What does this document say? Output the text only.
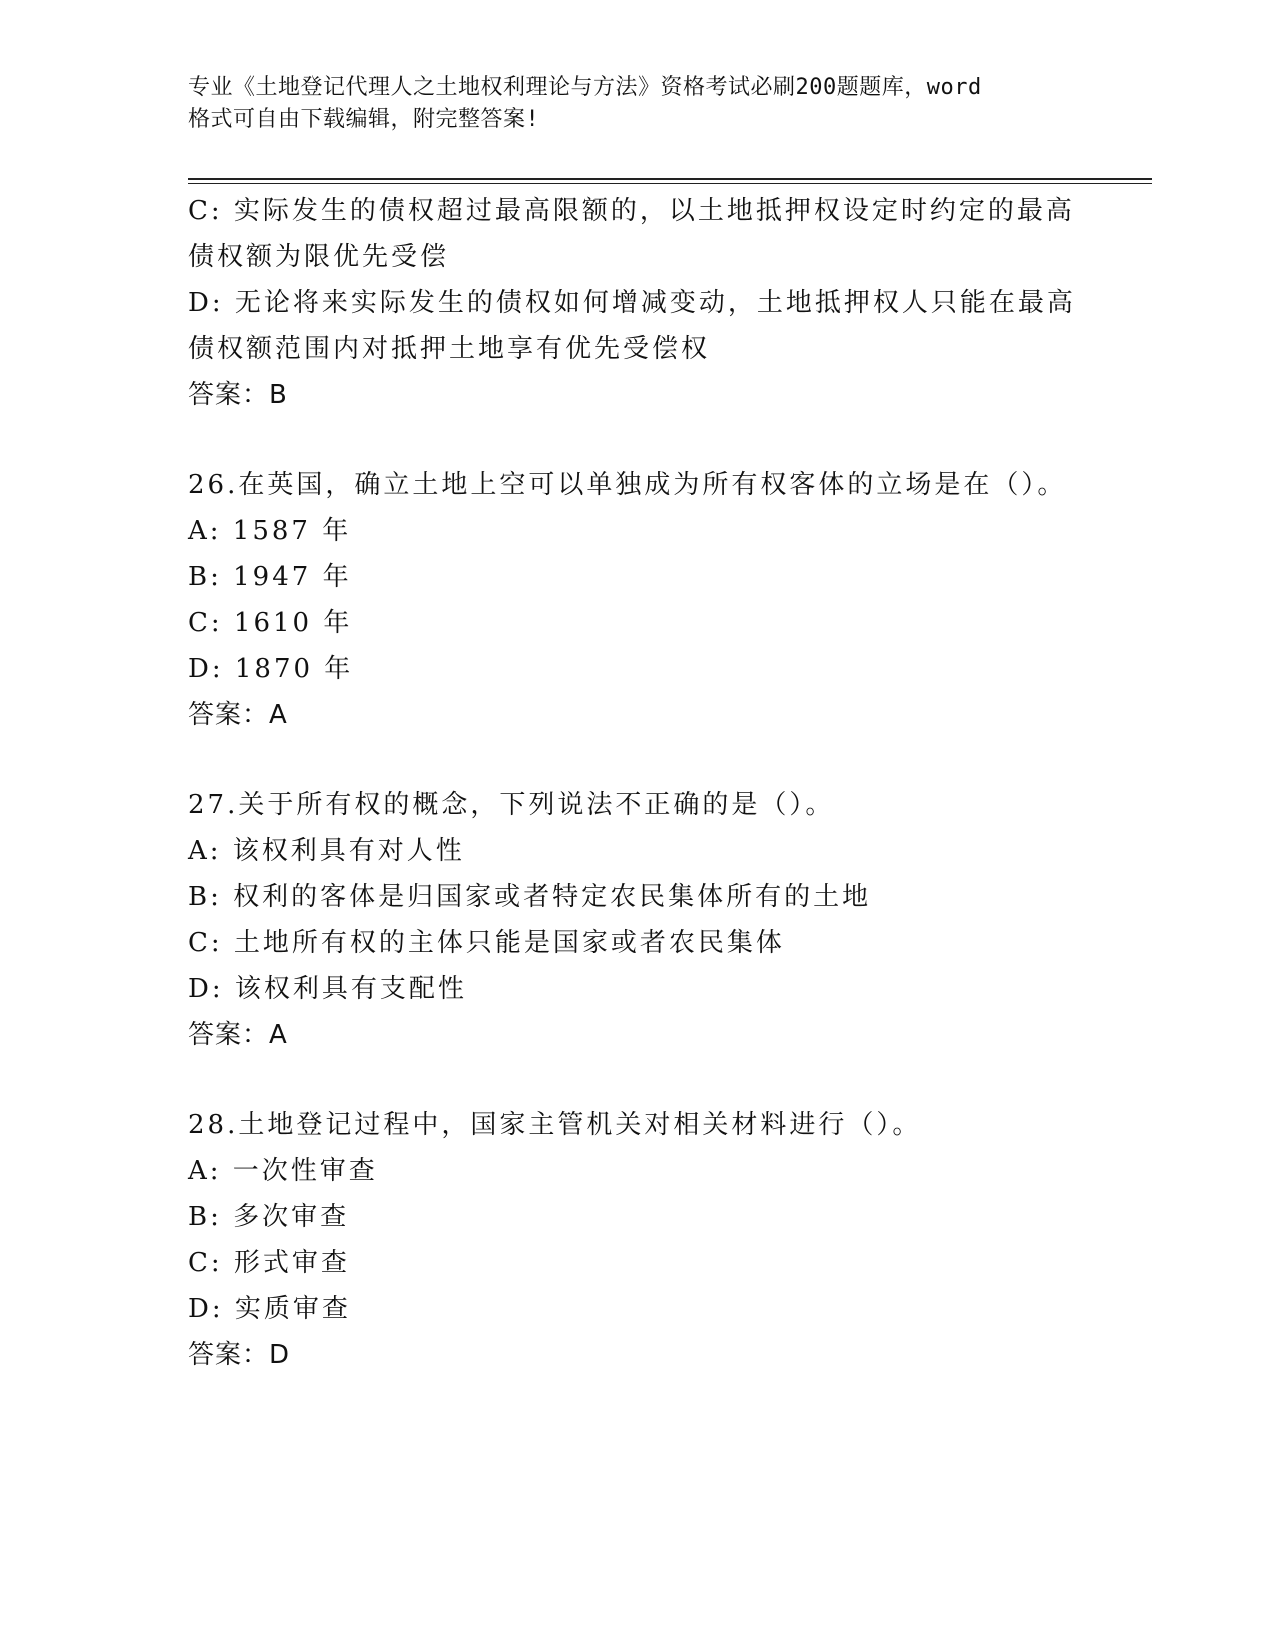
专业《土地登记代理人之土地权利理论与方法》资格考试必刷200题题库，word
格式可自由下载编辑，附完整答案!
C: 实际发生的债权超过最高限额的，以土地抵押权设定时约定的最高
债权额为限优先受偿
D: 无论将来实际发生的债权如何增减变动，土地抵押权人只能在最高
债权额范围内对抵押土地享有优先受偿权
答案：B
26.在英国，确立土地上空可以单独成为所有权客体的立场是在（）。
A: 1587 年
B: 1947 年
C: 1610 年
D: 1870 年
答案：A
27.关于所有权的概念，下列说法不正确的是（）。
A: 该权利具有对人性
B: 权利的客体是归国家或者特定农民集体所有的土地
C: 土地所有权的主体只能是国家或者农民集体
D: 该权利具有支配性
答案：A
28.土地登记过程中，国家主管机关对相关材料进行（）。
A: 一次性审查
B: 多次审查
C: 形式审查
D: 实质审查
答案：D
